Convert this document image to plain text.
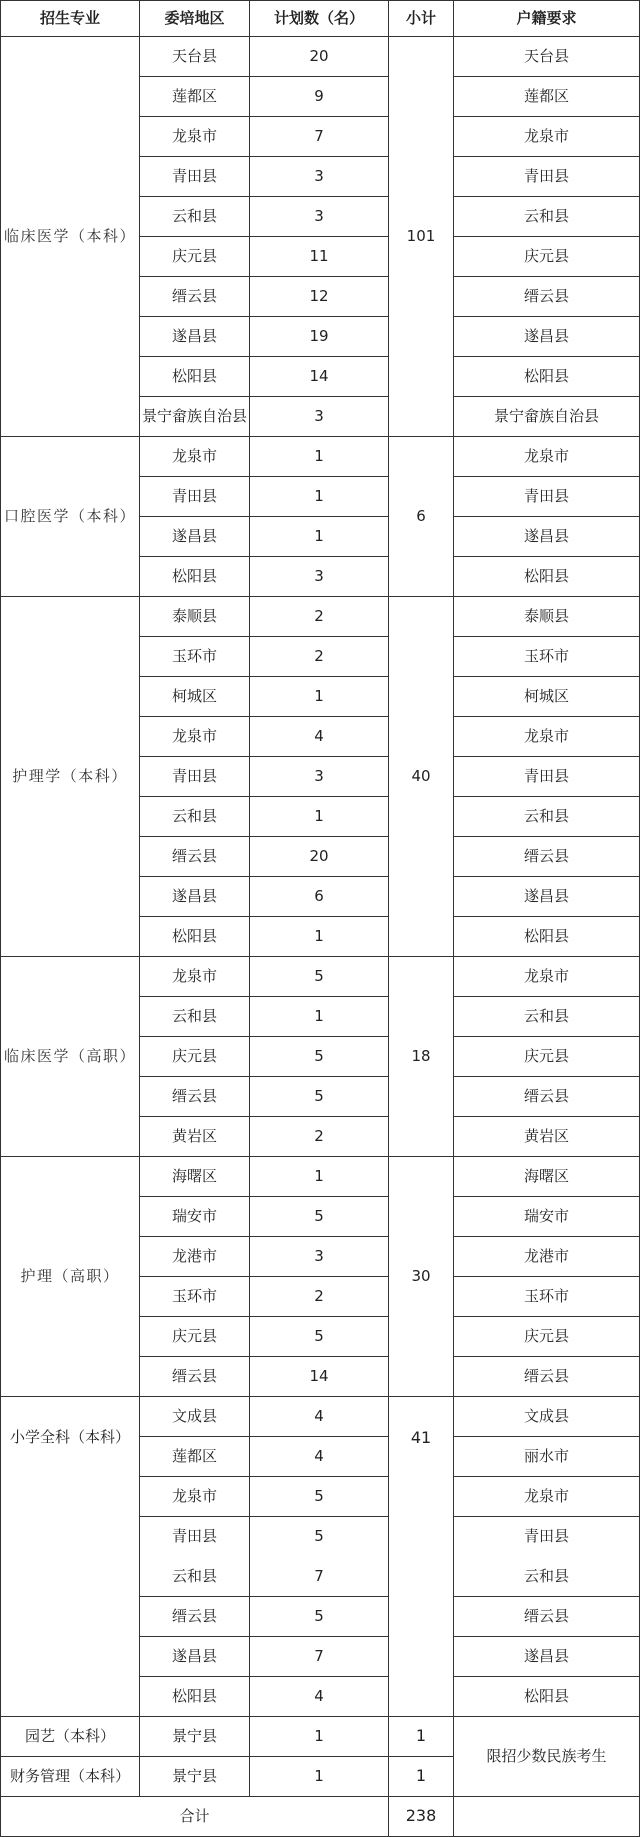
招生专业	委培地区	计划数（名）	小计	户籍要求
临床医学（本科）	天台县	20	101	天台县
	莲都区	9		莲都区
	龙泉市	7		龙泉市
	青田县	3		青田县
	云和县	3		云和县
	庆元县	11		庆元县
	缙云县	12		缙云县
	遂昌县	19		遂昌县
	松阳县	14		松阳县
	景宁畲族自治县	3		景宁畲族自治县
口腔医学（本科）	龙泉市	1	6	龙泉市
	青田县	1		青田县
	遂昌县	1		遂昌县
	松阳县	3		松阳县
护理学（本科）	泰顺县	2	40	泰顺县
	玉环市	2		玉环市
	柯城区	1		柯城区
	龙泉市	4		龙泉市
	青田县	3		青田县
	云和县	1		云和县
	缙云县	20		缙云县
	遂昌县	6		遂昌县
	松阳县	1		松阳县
临床医学（高职）	龙泉市	5	18	龙泉市
	云和县	1		云和县
	庆元县	5		庆元县
	缙云县	5		缙云县
	黄岩区	2		黄岩区
护理（高职）	海曙区	1	30	海曙区
	瑞安市	5		瑞安市
	龙港市	3		龙港市
	玉环市	2		玉环市
	庆元县	5		庆元县
	缙云县	14		缙云县
小学全科（本科）	文成县	4	41	文成县
	莲都区	4		丽水市
	龙泉市	5		龙泉市
	青田县	5		青田县
	云和县	7		云和县
	缙云县	5		缙云县
	遂昌县	7		遂昌县
	松阳县	4		松阳县
园艺（本科）	景宁县	1	1	限招少数民族考生
财务管理（本科）	景宁县	1	1	
合计			238	
